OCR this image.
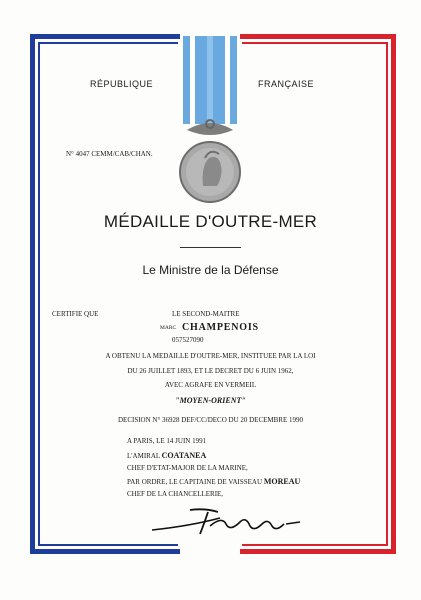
RÉPUBLIQUE	FRANÇAISE
N° 4047 CEMM/CAB/CHAN.
MÉDAILLE D'OUTRE-MER
Le Ministre de la Défense
CERTIFIE QUE	LE SECOND-MAITRE
MARC CHAMPENOIS
057527090
A OBTENU LA MEDAILLE D'OUTRE-MER, INSTITUEE PAR LA LOI
DU 26 JUILLET 1893, ET LE DECRET DU 6 JUIN 1962,
AVEC AGRAFE EN VERMEIL
"MOYEN-ORIENT"
DECISION N° 36928 DEF/CC/DECO DU 20 DECEMBRE 1990
A PARIS, LE 14 JUIN 1991
L'AMIRAL COATANEA
CHEF D'ETAT-MAJOR DE LA MARINE,
PAR ORDRE, LE CAPITAINE DE VAISSEAU MOREAU
CHEF DE LA CHANCELLERIE,
